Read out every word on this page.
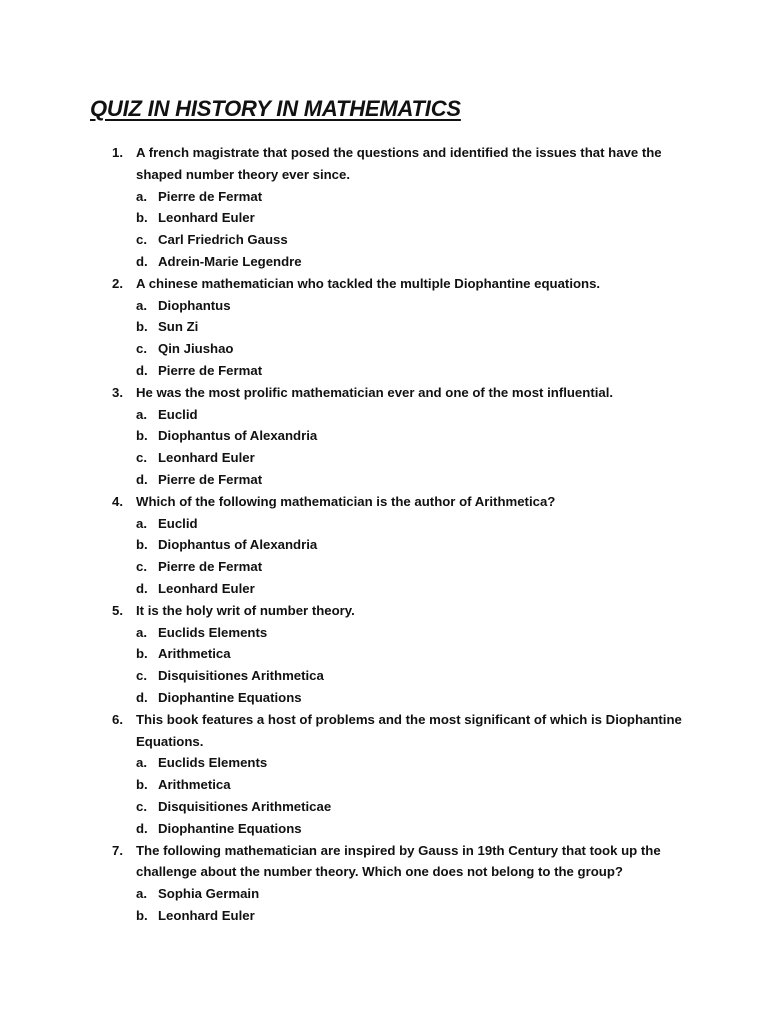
QUIZ IN HISTORY IN MATHEMATICS
1. A french magistrate that posed the questions and identified the issues that have the
shaped number theory ever since.
a. Pierre de Fermat
b. Leonhard Euler
c. Carl Friedrich Gauss
d. Adrein-Marie Legendre
2. A chinese mathematician who tackled the multiple Diophantine equations.
a. Diophantus
b. Sun Zi
c. Qin Jiushao
d. Pierre de Fermat
3. He was the most prolific mathematician ever and one of the most influential.
a. Euclid
b. Diophantus of Alexandria
c. Leonhard Euler
d. Pierre de Fermat
4. Which of the following mathematician is the author of Arithmetica?
a. Euclid
b. Diophantus of Alexandria
c. Pierre de Fermat
d. Leonhard Euler
5. It is the holy writ of number theory.
a. Euclids Elements
b. Arithmetica
c. Disquisitiones Arithmetica
d. Diophantine Equations
6. This book features a host of problems and the most significant of which is Diophantine
Equations.
a. Euclids Elements
b. Arithmetica
c. Disquisitiones Arithmeticae
d. Diophantine Equations
7. The following mathematician are inspired by Gauss in 19th Century that took up the
challenge about the number theory. Which one does not belong to the group?
a. Sophia Germain
b. Leonhard Euler
